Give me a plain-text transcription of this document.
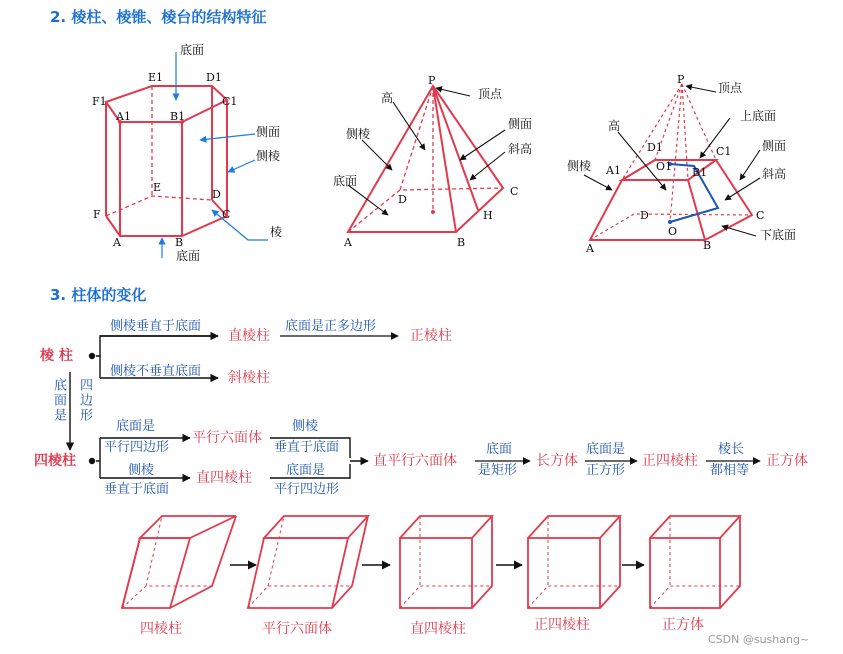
2. 棱柱、棱锥、棱台的结构特征
E1	D1
F1
A1	B1
C1
E
D
F	C
A	B
底面
侧面
侧棱
棱
底面
P
D
C
H
A	B
顶点
高
侧面
侧棱
斜高
底面
P
D1	C1
O1 B1
A1
D	C
O
A	B
顶点
高
上底面
侧面
侧棱
斜高
下底面
3. 柱体的变化
棱 柱
侧棱垂直于底面
直棱柱
底面是正多边形
正棱柱
侧棱不垂直底面 斜棱柱
底面是
四边形
四棱柱
底面是
平行四边形
平行六面体
侧棱
垂直于底面
侧棱
垂直于底面
直四棱柱	底面是
平行四边形
直平行六面体
底面
是矩形
长方体
底面是
正方形
正四棱柱
棱长
都相等
正方体
四棱柱	平行六面体	直四棱柱	正四棱柱	正方体
CSDN @sushang~
